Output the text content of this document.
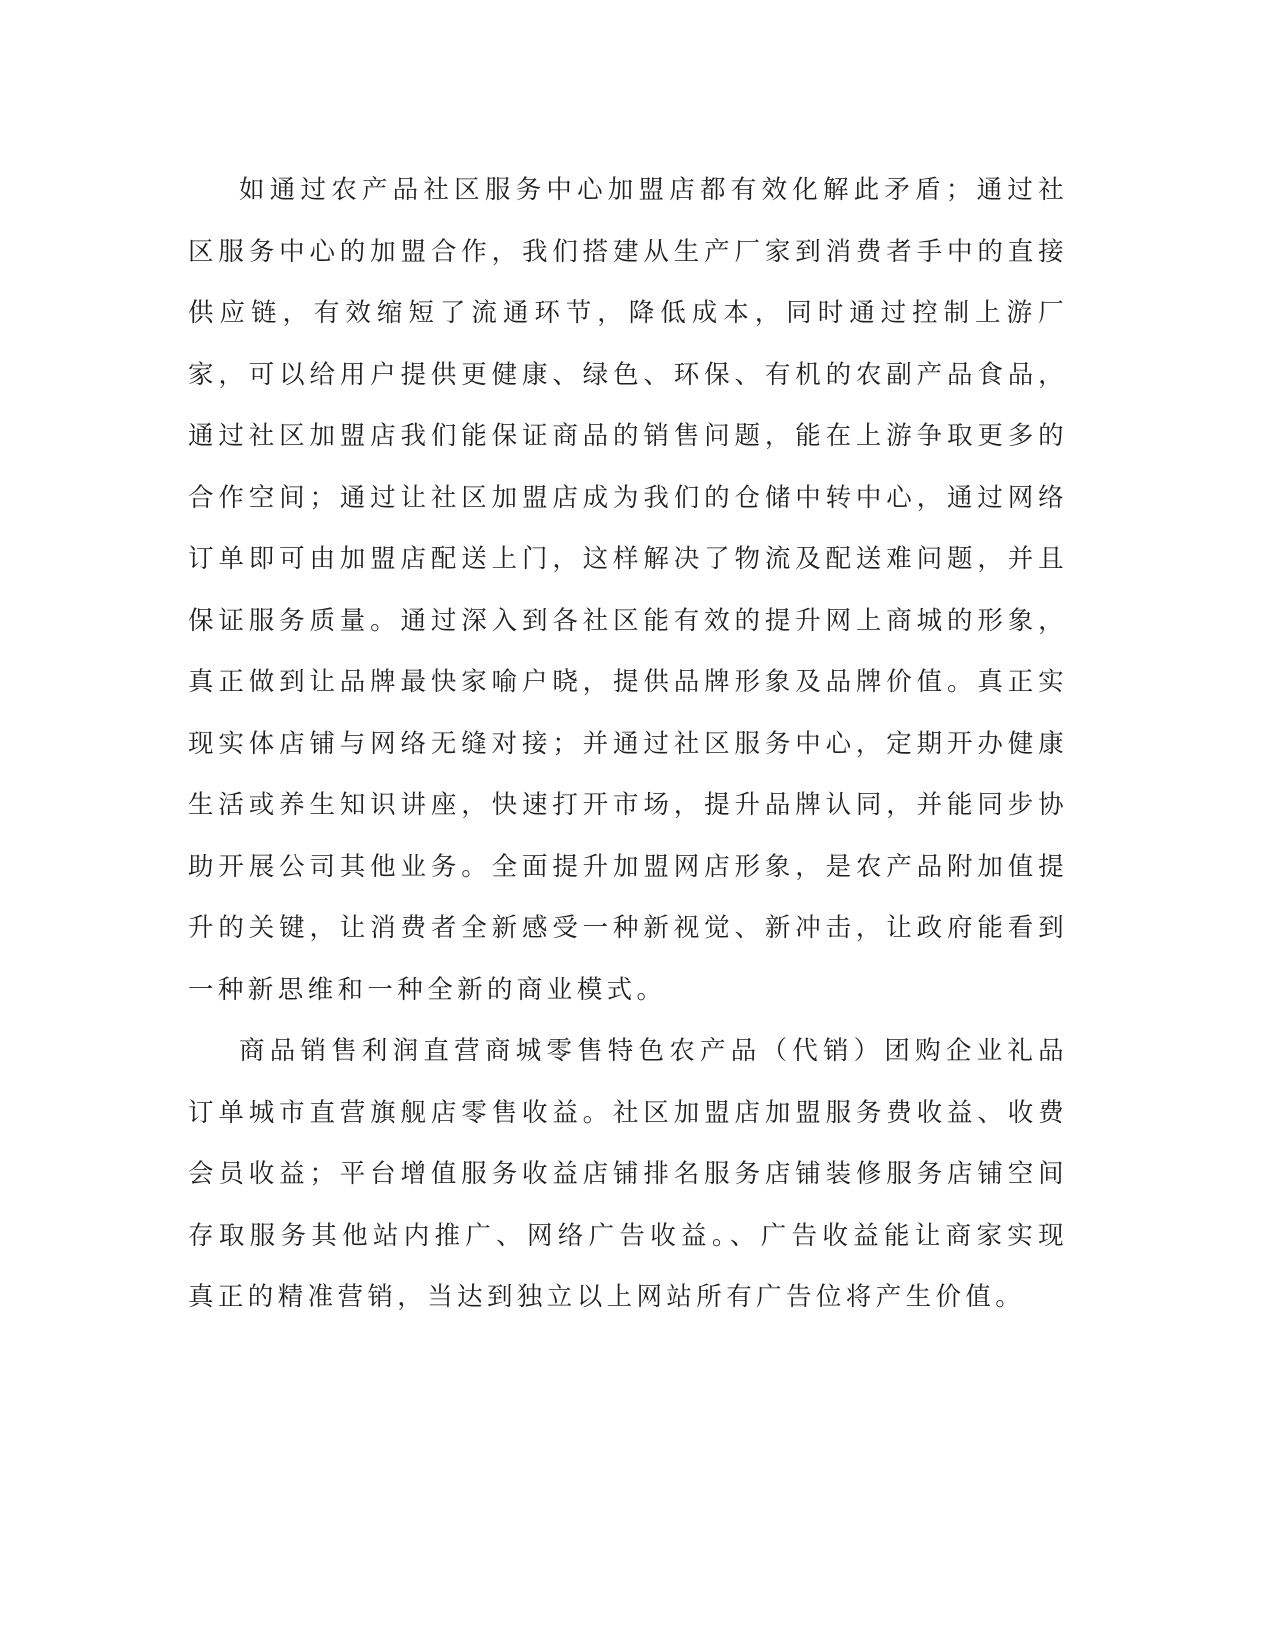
如通过农产品社区服务中心加盟店都有效化解此矛盾；通过社区服务中心的加盟合作，我们搭建从生产厂家到消费者手中的直接供应链，有效缩短了流通环节，降低成本，同时通过控制上游厂家，可以给用户提供更健康、绿色、环保、有机的农副产品食品，通过社区加盟店我们能保证商品的销售问题，能在上游争取更多的合作空间；通过让社区加盟店成为我们的仓储中转中心，通过网络订单即可由加盟店配送上门，这样解决了物流及配送难问题，并且保证服务质量。通过深入到各社区能有效的提升网上商城的形象，真正做到让品牌最快家喻户晓，提供品牌形象及品牌价值。真正实现实体店铺与网络无缝对接；并通过社区服务中心，定期开办健康生活或养生知识讲座，快速打开市场，提升品牌认同，并能同步协助开展公司其他业务。全面提升加盟网店形象，是农产品附加值提升的关键，让消费者全新感受一种新视觉、新冲击，让政府能看到一种新思维和一种全新的商业模式。

商品销售利润直营商城零售特色农产品（代销）团购企业礼品订单城市直营旗舰店零售收益。社区加盟店加盟服务费收益、收费会员收益；平台增值服务收益店铺排名服务店铺装修服务店铺空间存取服务其他站内推广、网络广告收益。、广告收益能让商家实现真正的精准营销，当达到独立以上网站所有广告位将产生价值。
